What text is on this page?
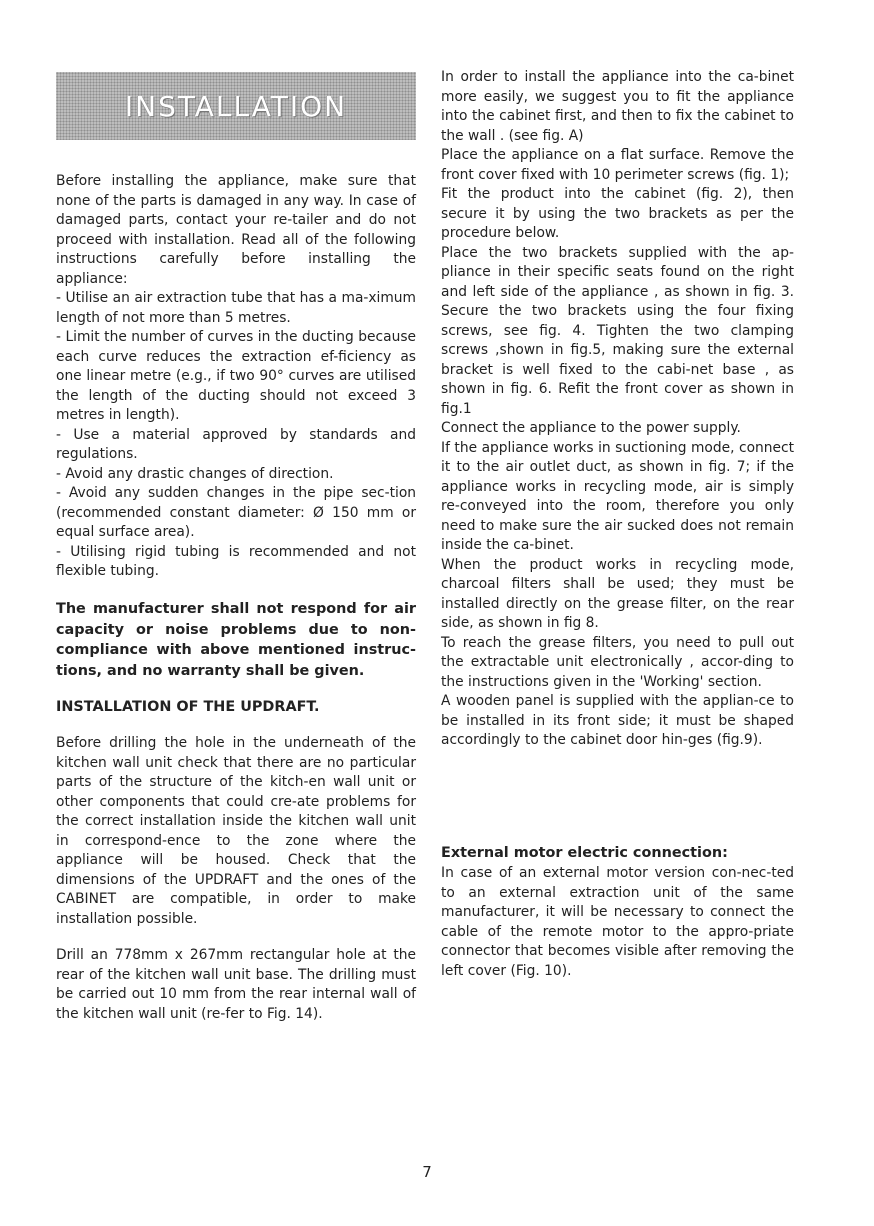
INSTALLATION

Before installing the appliance, make sure that none of the parts is damaged in any way. In case of damaged parts, contact your re-tailer and do not proceed with installation. Read all of the following instructions carefully before installing the appliance:
- Utilise an air extraction tube that has a ma-ximum length of not more than 5 metres.
- Limit the number of curves in the ducting because each curve reduces the extraction ef-ficiency as one linear metre (e.g., if two 90° curves are utilised the length of the ducting should not exceed 3 metres in length).
- Use a material approved by standards and regulations.
- Avoid any drastic changes of direction.
- Avoid any sudden changes in the pipe sec-tion (recommended constant diameter: Ø 150 mm or equal surface area).
- Utilising rigid tubing is recommended and not flexible tubing.

The manufacturer shall not respond for air capacity or noise problems due to non-compliance with above mentioned instruc-tions, and no warranty shall be given.

INSTALLATION OF THE UPDRAFT.

Before drilling the hole in the underneath of the kitchen wall unit check that there are no particular parts of the structure of the kitch-en wall unit or other components that could cre-ate problems for the correct installation inside the kitchen wall unit in correspond-ence to the zone where the appliance will be housed. Check that the dimensions of the UPDRAFT and the ones of the CABINET are compatible, in order to make installation possible.

Drill an 778mm x 267mm rectangular hole at the rear of the kitchen wall unit base. The drilling must be carried out 10 mm from the rear internal wall of the kitchen wall unit (re-fer to Fig. 14).

In order to install the appliance into the ca-binet more easily, we suggest you to fit the appliance into the cabinet first, and then to fix the cabinet to the wall . (see fig. A)
Place the appliance on a flat surface. Remove the front cover fixed with 10 perimeter screws (fig. 1);
Fit the product into the cabinet (fig. 2), then secure it by using the two brackets as per the procedure below.
Place the two brackets supplied with the ap-pliance in their specific seats found on the right and left side of the appliance , as shown in fig. 3. Secure the two brackets using the four fixing screws, see fig. 4. Tighten the two clamping screws ,shown in fig.5, making sure the external bracket is well fixed to the cabi-net base , as shown in fig. 6. Refit the front cover as shown in fig.1
Connect the appliance to the power supply.
If the appliance works in suctioning mode, connect it to the air outlet duct, as shown in fig. 7; if the appliance works in recycling mode, air is simply re-conveyed into the room, therefore you only need to make sure the air sucked does not remain inside the ca-binet.
When the product works in recycling mode, charcoal filters shall be used; they must be installed directly on the grease filter, on the rear side, as shown in fig 8.
To reach the grease filters, you need to pull out the extractable unit electronically , accor-ding to the instructions given in the 'Working' section.
A wooden panel is supplied with the applian-ce to be installed in its front side; it must be shaped accordingly to the cabinet door hin-ges (fig.9).

External motor electric connection:

In case of an external motor version con-nec-ted to an external extraction unit of the same manufacturer, it will be necessary to connect the cable of the remote motor to the appro-priate connector that becomes visible after removing the left cover (Fig. 10).

7
